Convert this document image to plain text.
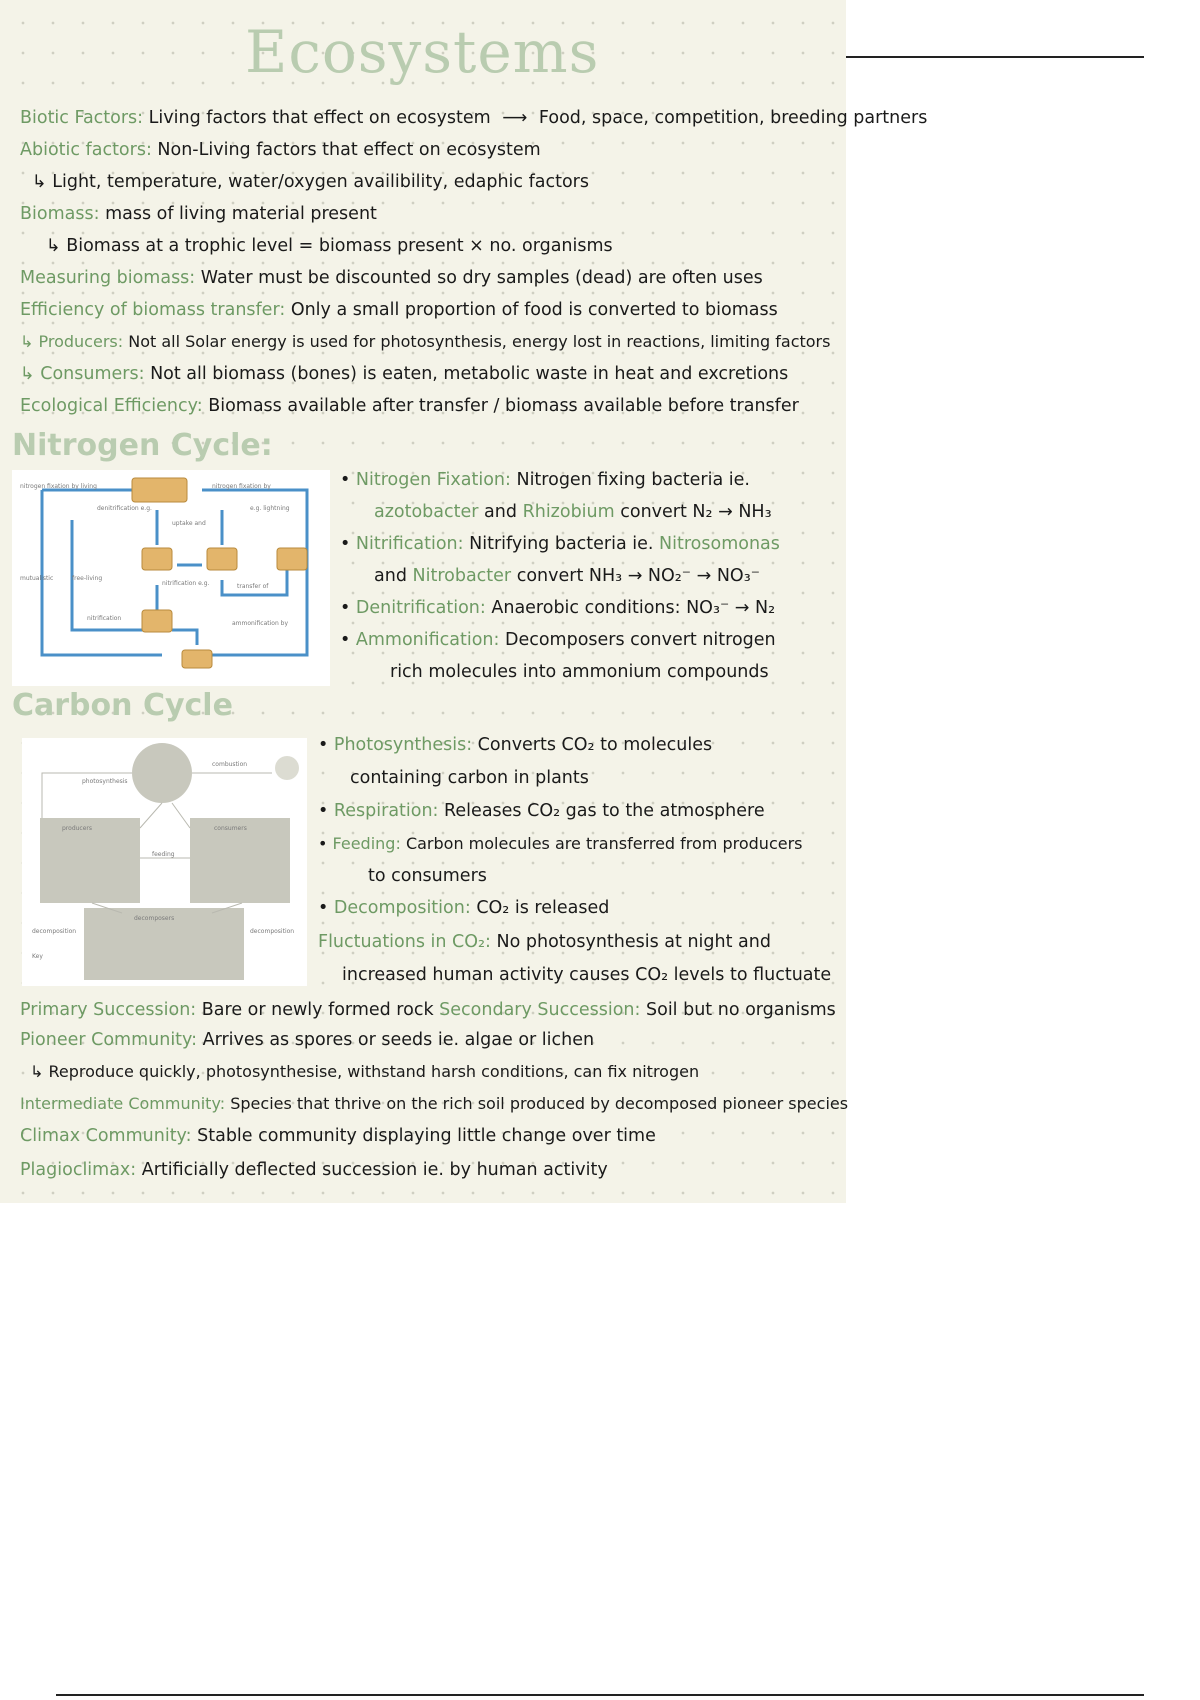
Ecosystems
Biotic Factors: Living factors that effect on ecosystem ⟶ Food, space, competition, breeding partners
Abiotic factors: Non-Living factors that effect on ecosystem
↳ Light, temperature, water/oxygen availibility, edaphic factors
Biomass: mass of living material present
↳ Biomass at a trophic level = biomass present × no. organisms
Measuring biomass: Water must be discounted so dry samples (dead) are often uses
Efficiency of biomass transfer: Only a small proportion of food is converted to biomass
↳ Producers: Not all Solar energy is used for photosynthesis, energy lost in reactions, limiting factors
↳ Consumers: Not all biomass (bones) is eaten, metabolic waste in heat and excretions
Ecological Efficiency: Biomass available after transfer / biomass available before transfer
Nitrogen Cycle:
nitrogen fixation by living	nitrogen fixation by
denitrification e.g.
uptake and
e.g. lightning
nitrification e.g.	transfer of
mutualistic	free-living
nitrification
ammonification by
• Nitrogen Fixation: Nitrogen fixing bacteria ie.
azotobacter and Rhizobium convert N₂ → NH₃
• Nitrification: Nitrifying bacteria ie. Nitrosomonas
and Nitrobacter convert NH₃ → NO₂⁻ → NO₃⁻
• Denitrification: Anaerobic conditions: NO₃⁻ → N₂
• Ammonification: Decomposers convert nitrogen
rich molecules into ammonium compounds
Carbon Cycle
photosynthesis
combustion
feeding
producers	consumers
decomposers
decomposition	decomposition
Key
• Photosynthesis: Converts CO₂ to molecules
containing carbon in plants
• Respiration: Releases CO₂ gas to the atmosphere
• Feeding: Carbon molecules are transferred from producers
to consumers
• Decomposition: CO₂ is released
Fluctuations in CO₂: No photosynthesis at night and
increased human activity causes CO₂ levels to fluctuate
Primary Succession: Bare or newly formed rock Secondary Succession: Soil but no organisms
Pioneer Community: Arrives as spores or seeds ie. algae or lichen
↳ Reproduce quickly, photosynthesise, withstand harsh conditions, can fix nitrogen
Intermediate Community: Species that thrive on the rich soil produced by decomposed pioneer species
Climax Community: Stable community displaying little change over time
Plagioclimax: Artificially deflected succession ie. by human activity
